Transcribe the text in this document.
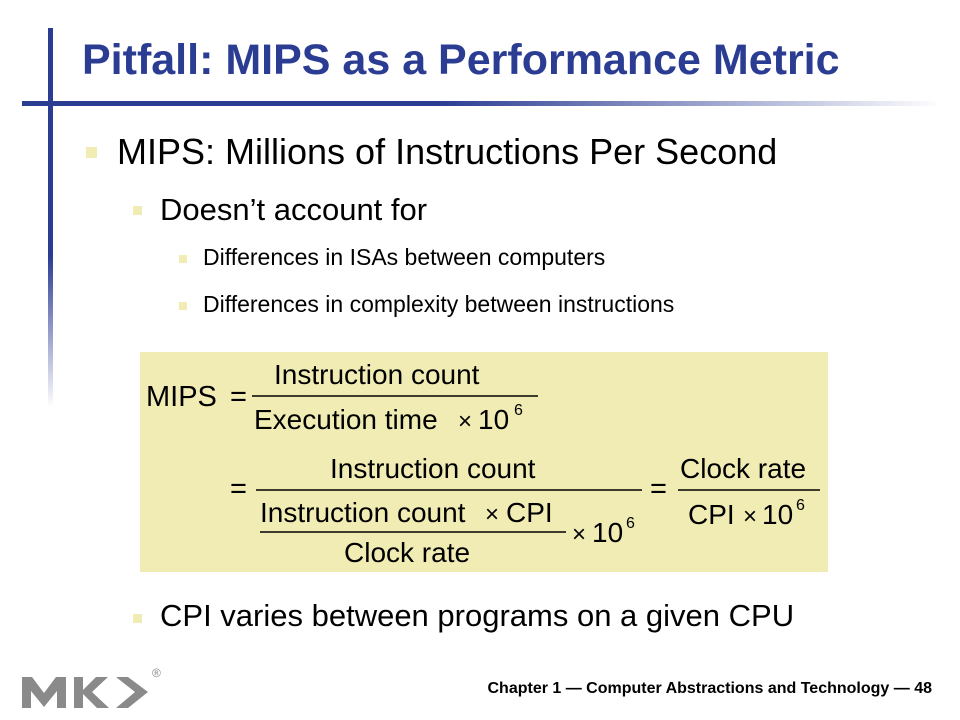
Pitfall: MIPS as a Performance Metric
MIPS: Millions of Instructions Per Second
Doesn’t account for
Differences in ISAs between computers
Differences in complexity between instructions
MIPS =
Instruction count
Execution time × 10 6
=
Instruction count
Instruction count × CPI
Clock rate
× 10 6
=
Clock rate
CPI × 10 6
CPI varies between programs on a given CPU
®
Chapter 1 — Computer Abstractions and Technology — 48
